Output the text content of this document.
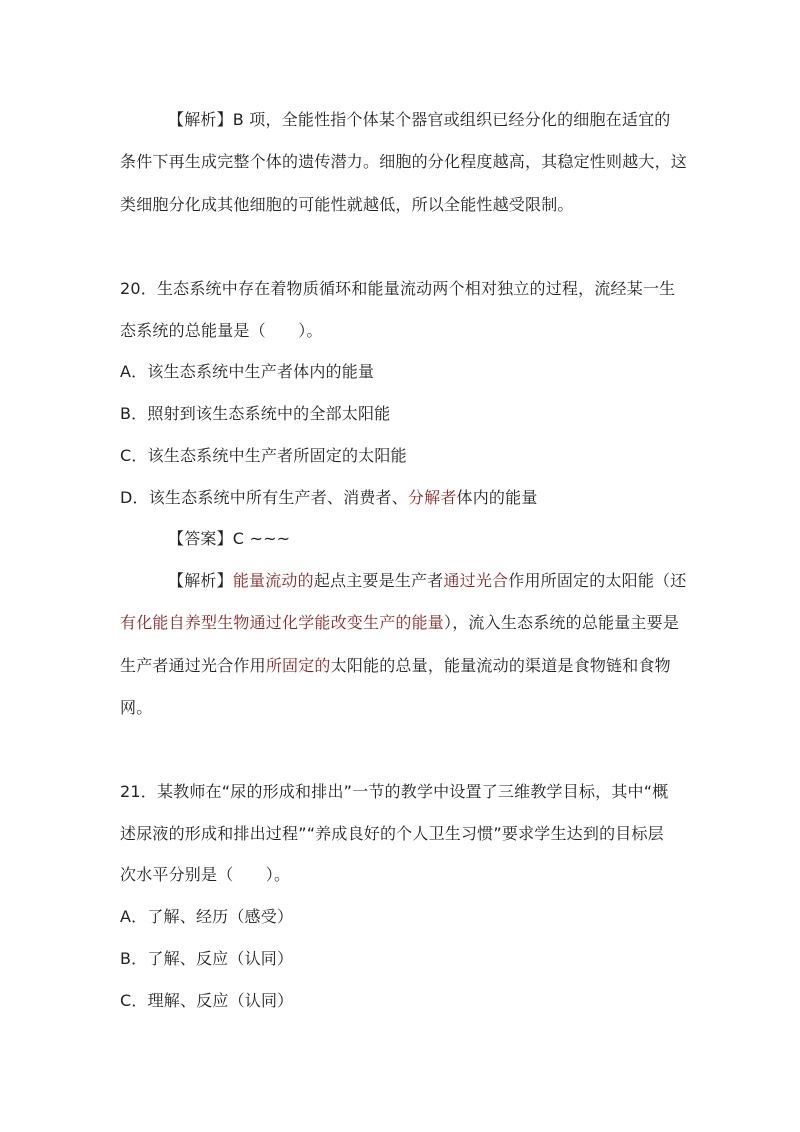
【解析】B 项，全能性指个体某个器官或组织已经分化的细胞在适宜的
条件下再生成完整个体的遗传潜力。细胞的分化程度越高，其稳定性则越大，这
类细胞分化成其他细胞的可能性就越低，所以全能性越受限制。
20．生态系统中存在着物质循环和能量流动两个相对独立的过程，流经某一生
态系统的总能量是（　　）。
A．该生态系统中生产者体内的能量
B．照射到该生态系统中的全部太阳能
C．该生态系统中生产者所固定的太阳能
D．该生态系统中所有生产者、消费者、分解者体内的能量
【答案】C ~~~
【解析】能量流动的起点主要是生产者通过光合作用所固定的太阳能（还
有化能自养型生物通过化学能改变生产的能量），流入生态系统的总能量主要是
生产者通过光合作用所固定的太阳能的总量，能量流动的渠道是食物链和食物
网。
21．某教师在“尿的形成和排出”一节的教学中设置了三维教学目标，其中“概
述尿液的形成和排出过程”“养成良好的个人卫生习惯”要求学生达到的目标层
次水平分别是（　　）。
A．了解、经历（感受）
B．了解、反应（认同）
C．理解、反应（认同）
